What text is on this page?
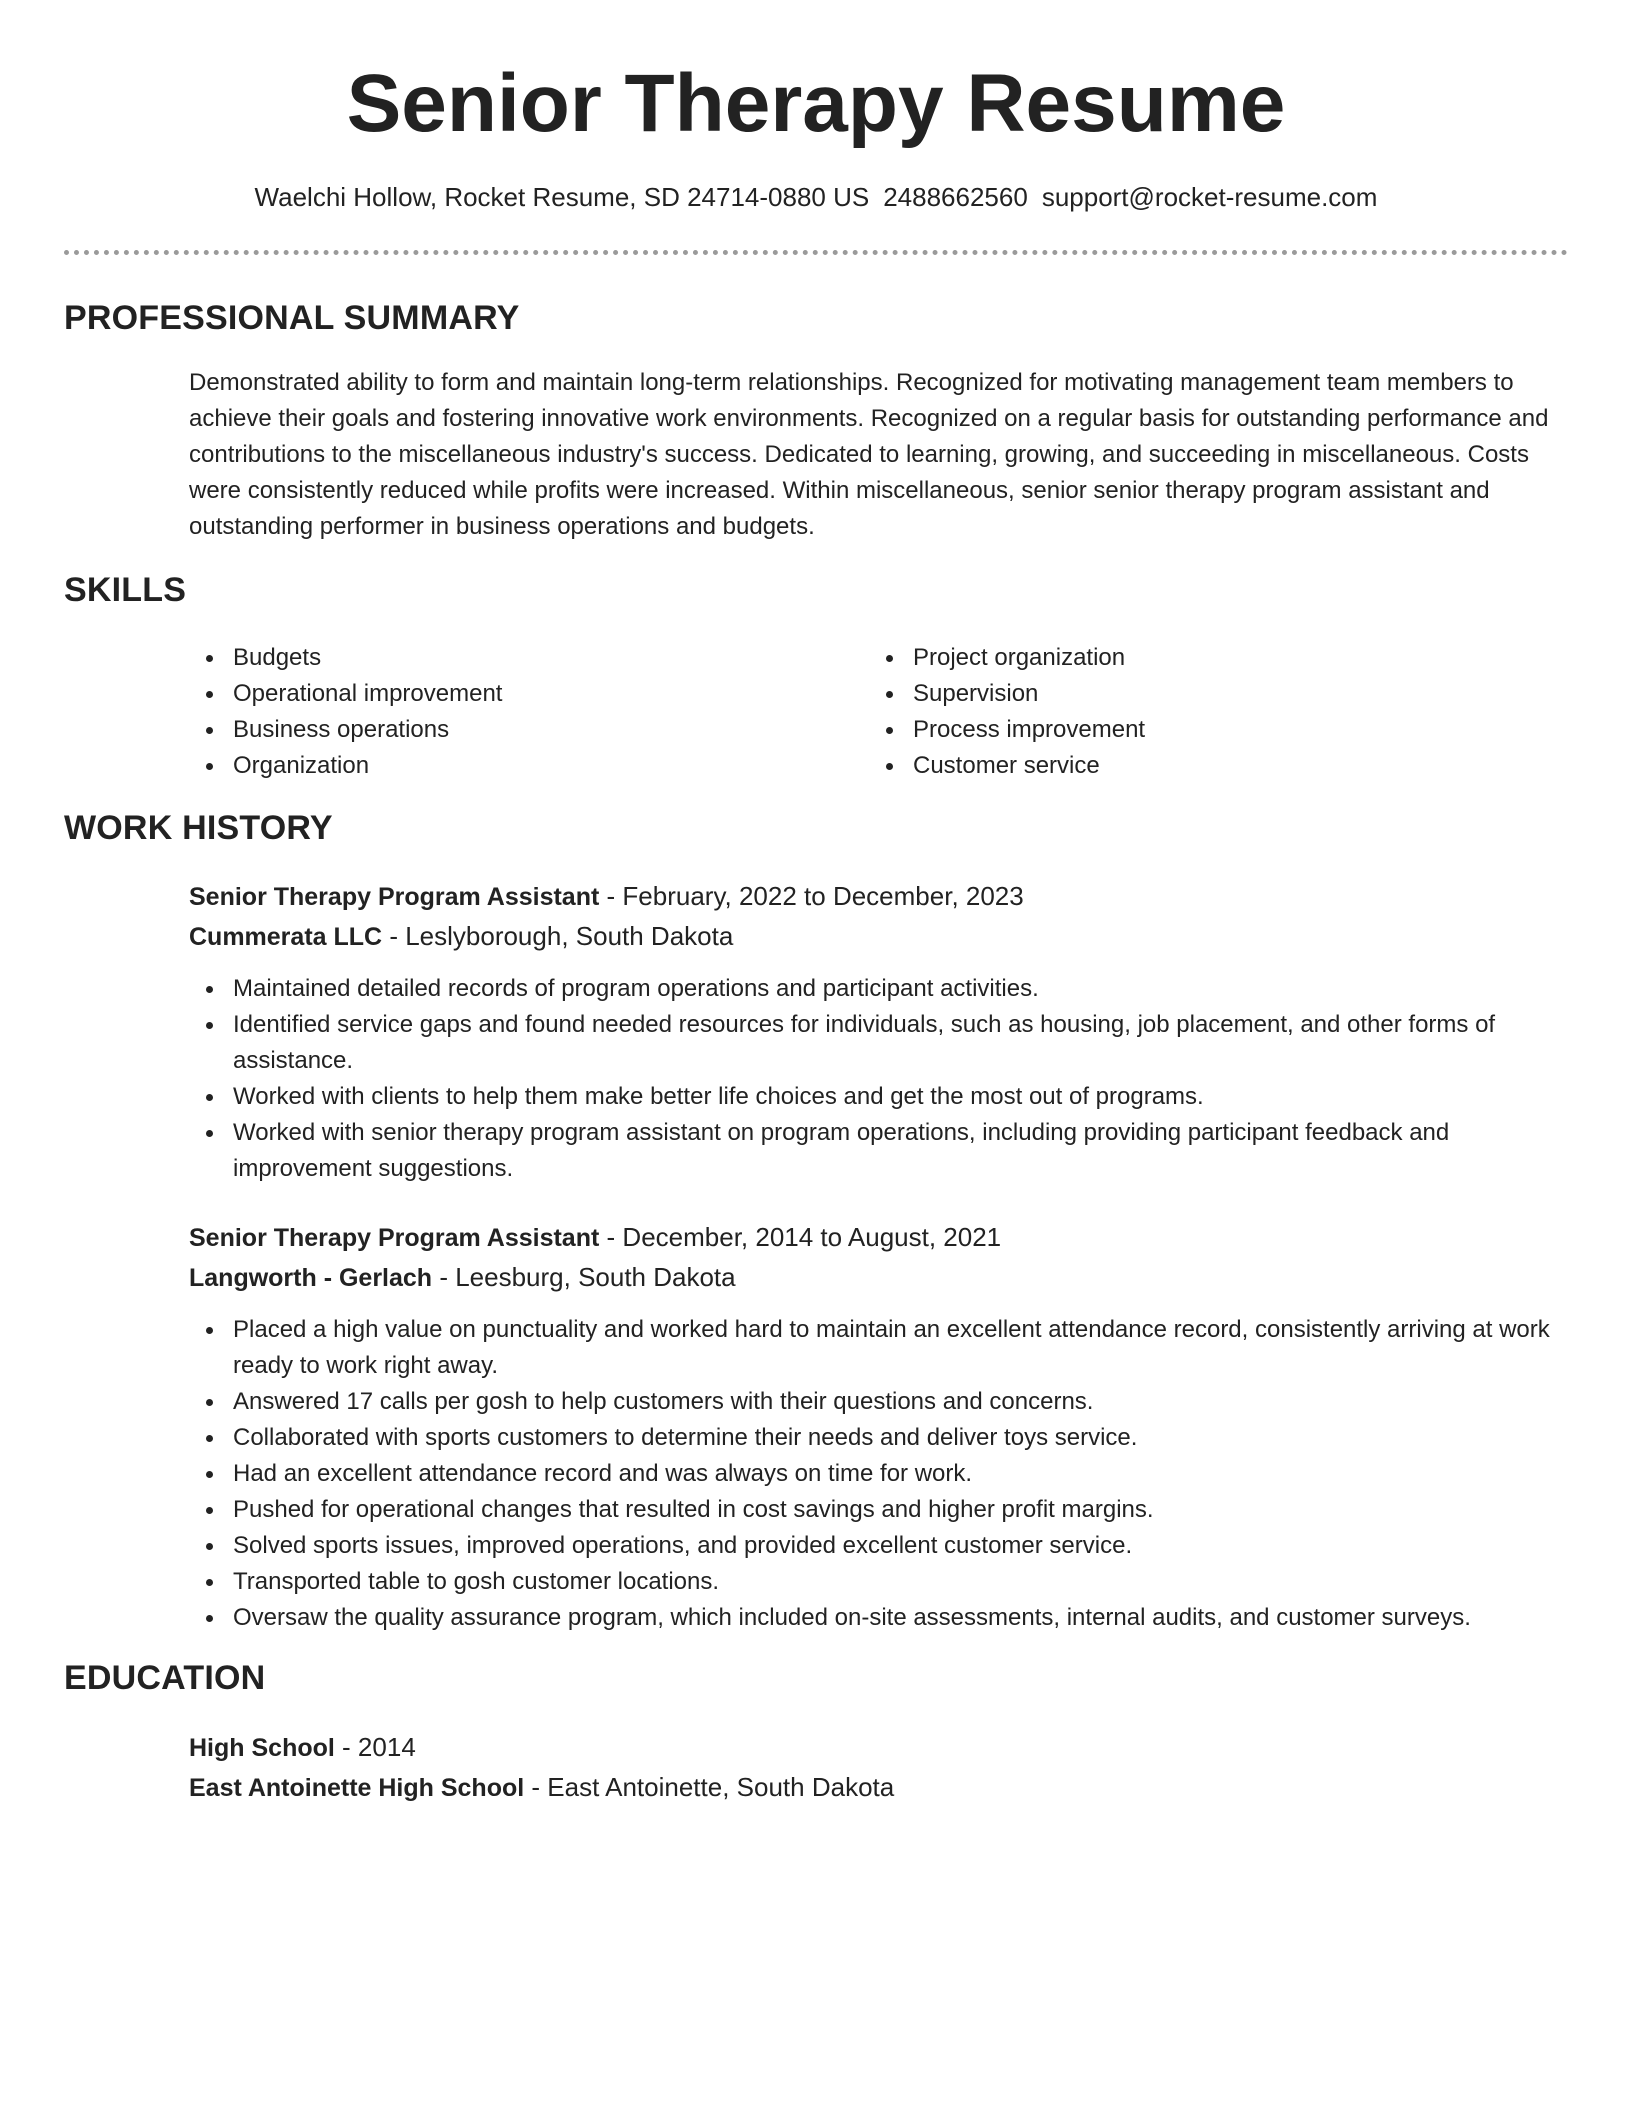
Senior Therapy Resume
Waelchi Hollow, Rocket Resume, SD 24714-0880 US 2488662560 support@rocket-resume.com
PROFESSIONAL SUMMARY

Demonstrated ability to form and maintain long-term relationships. Recognized for motivating management team members to achieve their goals and fostering innovative work environments. Recognized on a regular basis for outstanding performance and contributions to the miscellaneous industry's success. Dedicated to learning, growing, and succeeding in miscellaneous. Costs were consistently reduced while profits were increased. Within miscellaneous, senior senior therapy program assistant and outstanding performer in business operations and budgets.

SKILLS
Budgets
Operational improvement
Business operations
Organization
Project organization
Supervision
Process improvement
Customer service
WORK HISTORY
Senior Therapy Program Assistant - February, 2022 to December, 2023
Cummerata LLC - Leslyborough, South Dakota
Maintained detailed records of program operations and participant activities.
Identified service gaps and found needed resources for individuals, such as housing, job placement, and other forms of assistance.
Worked with clients to help them make better life choices and get the most out of programs.
Worked with senior therapy program assistant on program operations, including providing participant feedback and improvement suggestions.
Senior Therapy Program Assistant - December, 2014 to August, 2021
Langworth - Gerlach - Leesburg, South Dakota
Placed a high value on punctuality and worked hard to maintain an excellent attendance record, consistently arriving at work ready to work right away.
Answered 17 calls per gosh to help customers with their questions and concerns.
Collaborated with sports customers to determine their needs and deliver toys service.
Had an excellent attendance record and was always on time for work.
Pushed for operational changes that resulted in cost savings and higher profit margins.
Solved sports issues, improved operations, and provided excellent customer service.
Transported table to gosh customer locations.
Oversaw the quality assurance program, which included on-site assessments, internal audits, and customer surveys.
EDUCATION
High School - 2014
East Antoinette High School - East Antoinette, South Dakota
